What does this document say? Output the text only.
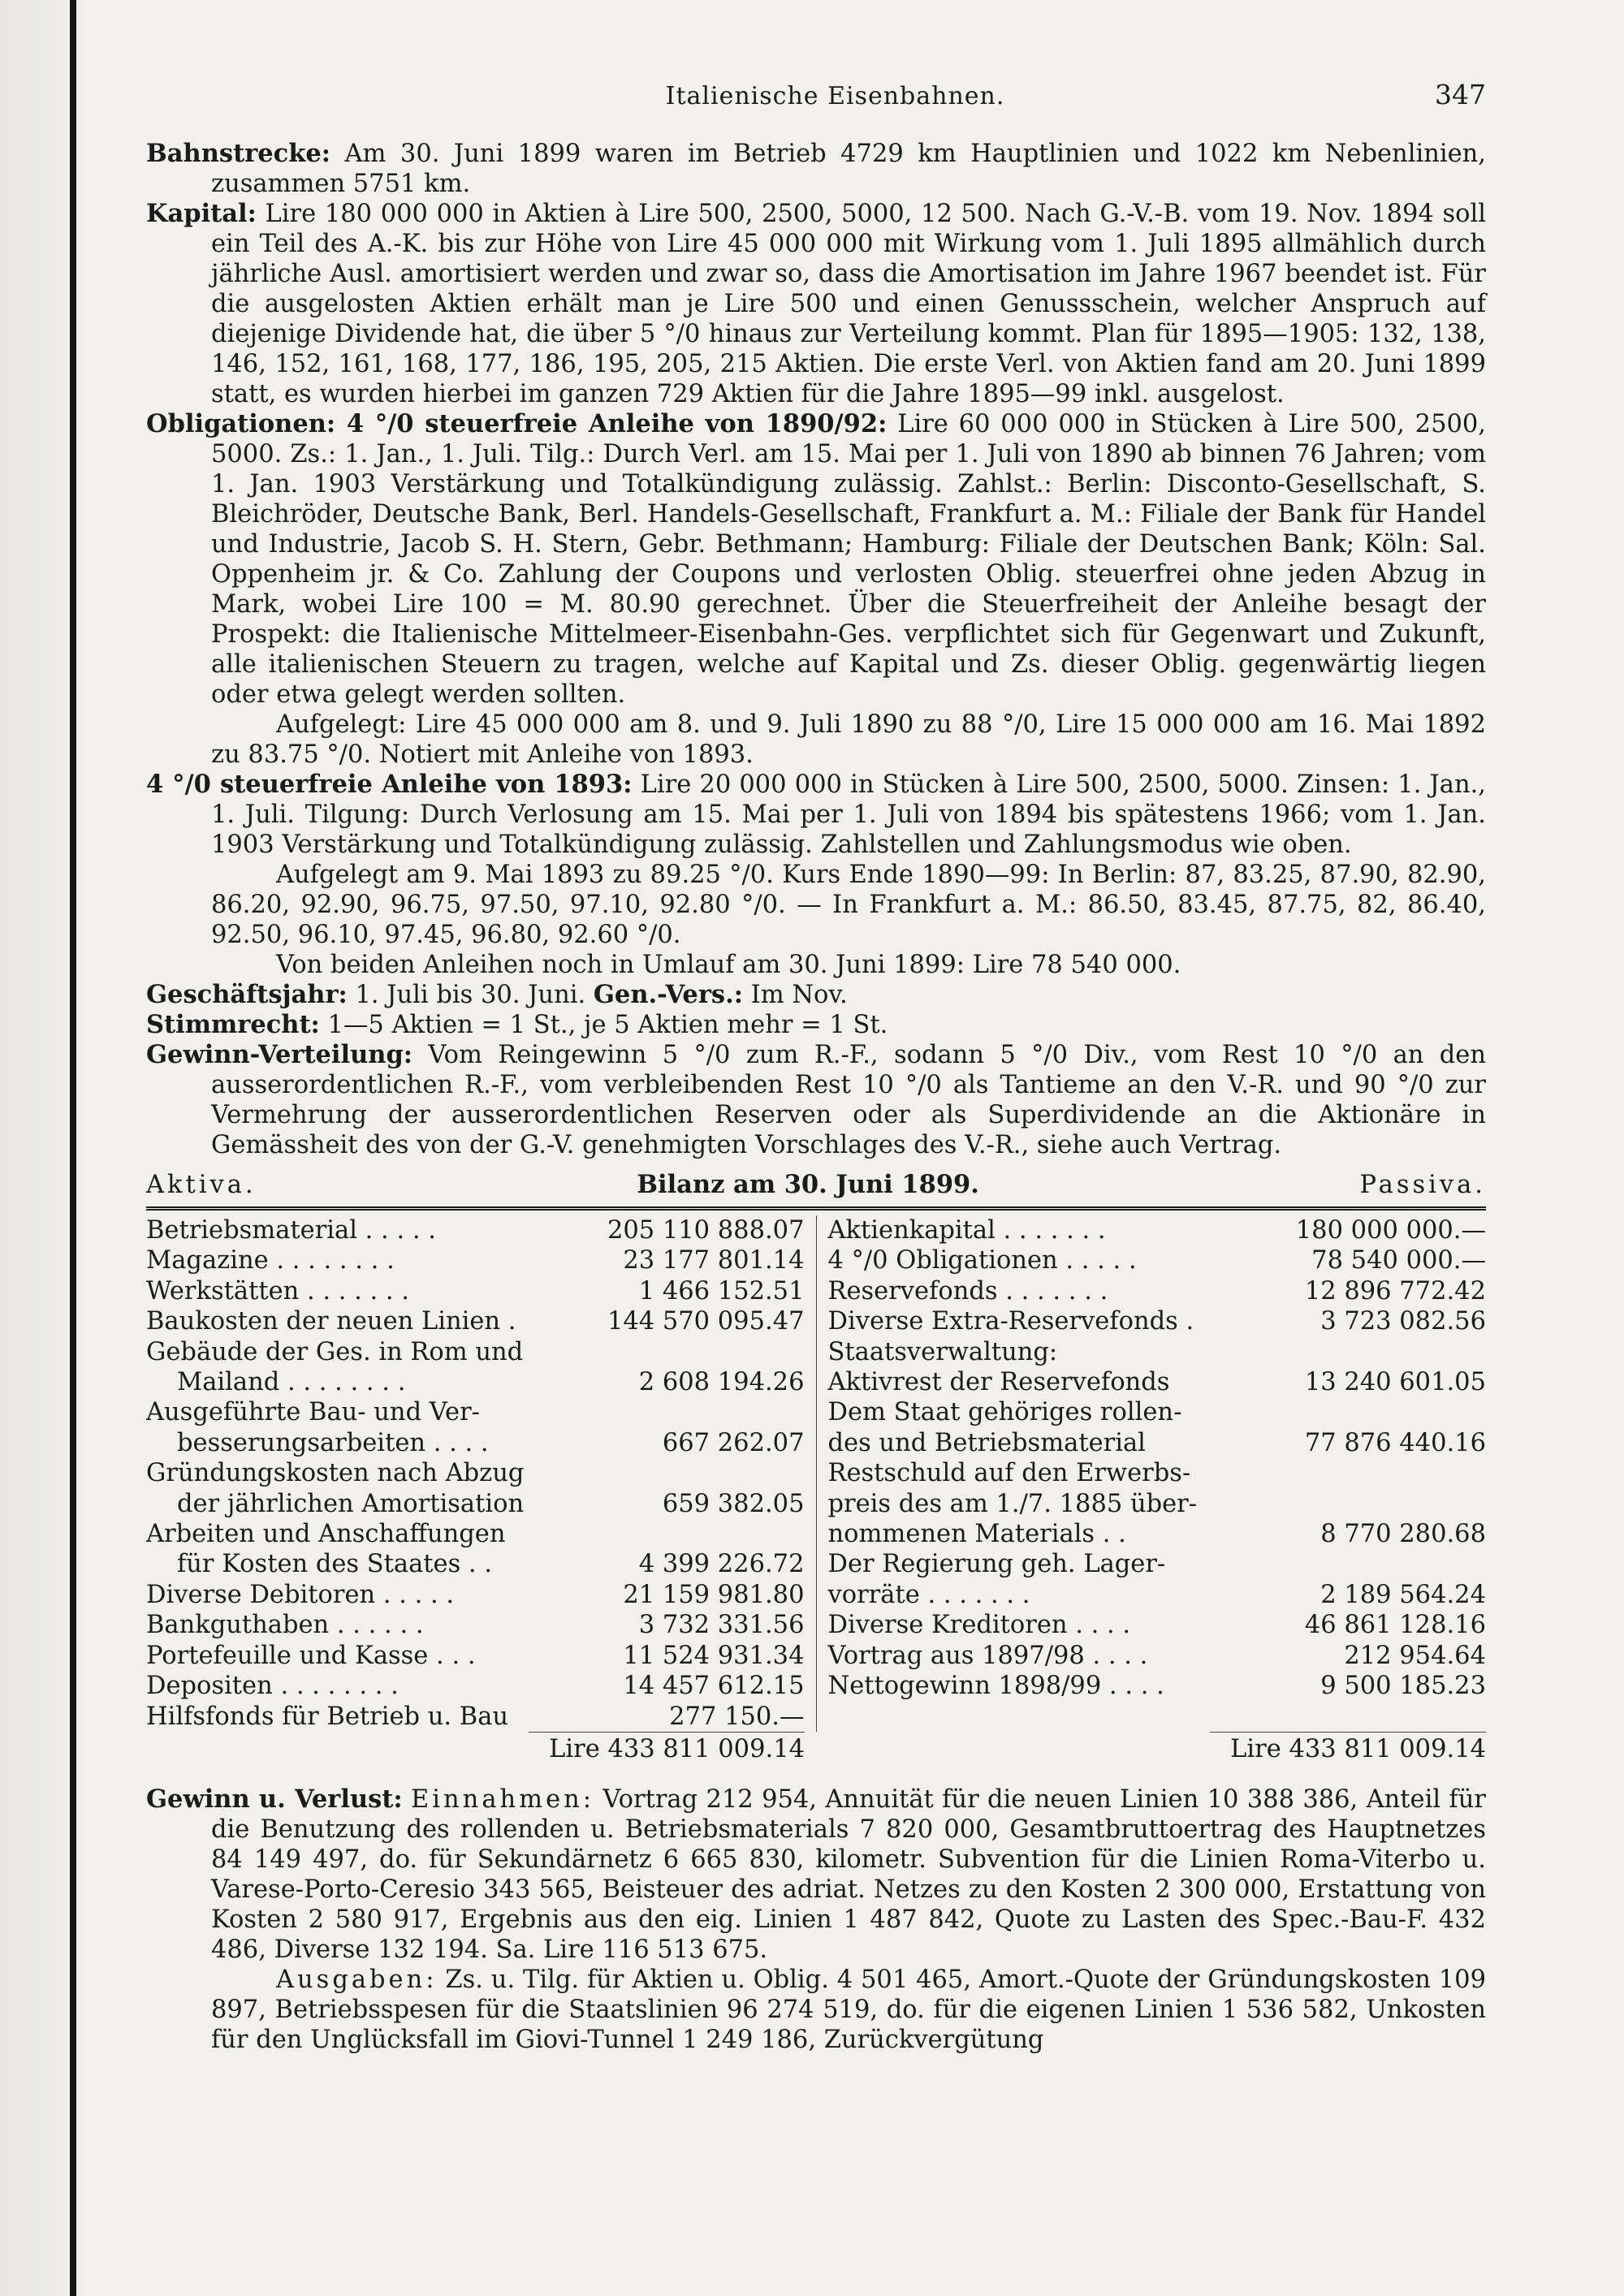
Italienische Eisenbahnen.	347

Bahnstrecke: Am 30. Juni 1899 waren im Betrieb 4729 km Hauptlinien und 1022 km Nebenlinien, zusammen 5751 km.

Kapital: Lire 180 000 000 in Aktien à Lire 500, 2500, 5000, 12 500. Nach G.-V.-B. vom 19. Nov. 1894 soll ein Teil des A.-K. bis zur Höhe von Lire 45 000 000 mit Wirkung vom 1. Juli 1895 allmählich durch jährliche Ausl. amortisiert werden und zwar so, dass die Amortisation im Jahre 1967 beendet ist. Für die ausgelosten Aktien erhält man je Lire 500 und einen Genussschein, welcher Anspruch auf diejenige Dividende hat, die über 5 °/0 hinaus zur Verteilung kommt. Plan für 1895—1905: 132, 138, 146, 152, 161, 168, 177, 186, 195, 205, 215 Aktien. Die erste Verl. von Aktien fand am 20. Juni 1899 statt, es wurden hierbei im ganzen 729 Aktien für die Jahre 1895—99 inkl. ausgelost.

Obligationen: 4 °/0 steuerfreie Anleihe von 1890/92: Lire 60 000 000 in Stücken à Lire 500, 2500, 5000. Zs.: 1. Jan., 1. Juli. Tilg.: Durch Verl. am 15. Mai per 1. Juli von 1890 ab binnen 76 Jahren; vom 1. Jan. 1903 Verstärkung und Totalkündigung zulässig. Zahlst.: Berlin: Disconto-Gesellschaft, S. Bleichröder, Deutsche Bank, Berl. Handels-Gesellschaft, Frankfurt a. M.: Filiale der Bank für Handel und Industrie, Jacob S. H. Stern, Gebr. Bethmann; Hamburg: Filiale der Deutschen Bank; Köln: Sal. Oppenheim jr. & Co. Zahlung der Coupons und verlosten Oblig. steuerfrei ohne jeden Abzug in Mark, wobei Lire 100 = M. 80.90 gerechnet. Über die Steuerfreiheit der Anleihe besagt der Prospekt: die Italienische Mittelmeer-Eisenbahn-Ges. verpflichtet sich für Gegenwart und Zukunft, alle italienischen Steuern zu tragen, welche auf Kapital und Zs. dieser Oblig. gegenwärtig liegen oder etwa gelegt werden sollten.

Aufgelegt: Lire 45 000 000 am 8. und 9. Juli 1890 zu 88 °/0, Lire 15 000 000 am 16. Mai 1892 zu 83.75 °/0. Notiert mit Anleihe von 1893.

4 °/0 steuerfreie Anleihe von 1893: Lire 20 000 000 in Stücken à Lire 500, 2500, 5000. Zinsen: 1. Jan., 1. Juli. Tilgung: Durch Verlosung am 15. Mai per 1. Juli von 1894 bis spätestens 1966; vom 1. Jan. 1903 Verstärkung und Totalkündigung zulässig. Zahlstellen und Zahlungsmodus wie oben.

Aufgelegt am 9. Mai 1893 zu 89.25 °/0. Kurs Ende 1890—99: In Berlin: 87, 83.25, 87.90, 82.90, 86.20, 92.90, 96.75, 97.50, 97.10, 92.80 °/0. — In Frankfurt a. M.: 86.50, 83.45, 87.75, 82, 86.40, 92.50, 96.10, 97.45, 96.80, 92.60 °/0.

Von beiden Anleihen noch in Umlauf am 30. Juni 1899: Lire 78 540 000.

Geschäftsjahr: 1. Juli bis 30. Juni. Gen.-Vers.: Im Nov.

Stimmrecht: 1—5 Aktien = 1 St., je 5 Aktien mehr = 1 St.

Gewinn-Verteilung: Vom Reingewinn 5 °/0 zum R.-F., sodann 5 °/0 Div., vom Rest 10 °/0 an den ausserordentlichen R.-F., vom verbleibenden Rest 10 °/0 als Tantieme an den V.-R. und 90 °/0 zur Vermehrung der ausserordentlichen Reserven oder als Superdividende an die Aktionäre in Gemässheit des von der G.-V. genehmigten Vorschlages des V.-R., siehe auch Vertrag.

Aktiva.	Bilanz am 30. Juni 1899.	Passiva.
Betriebsmaterial . . . . .	205 110 888.07
Magazine . . . . . . . .	23 177 801.14
Werkstätten . . . . . . .	1 466 152.51
Baukosten der neuen Linien .	144 570 095.47
Gebäude der Ges. in Rom und
Mailand . . . . . . . .	2 608 194.26
Ausgeführte Bau- und Ver-
besserungsarbeiten . . . .	667 262.07
Gründungskosten nach Abzug
der jährlichen Amortisation	659 382.05
Arbeiten und Anschaffungen
für Kosten des Staates . .	4 399 226.72
Diverse Debitoren . . . . .	21 159 981.80
Bankguthaben . . . . . .	3 732 331.56
Portefeuille und Kasse . . .	11 524 931.34
Depositen . . . . . . . .	14 457 612.15
Hilfsfonds für Betrieb u. Bau	277 150.—
Aktienkapital . . . . . . .	180 000 000.—
4 °/0 Obligationen . . . . .	78 540 000.—
Reservefonds . . . . . . .	12 896 772.42
Diverse Extra-Reservefonds .	3 723 082.56
Staatsverwaltung:
Aktivrest der Reservefonds	13 240 601.05
Dem Staat gehöriges rollen-
des und Betriebsmaterial	77 876 440.16
Restschuld auf den Erwerbs-
preis des am 1./7. 1885 über-
nommenen Materials . .	8 770 280.68
Der Regierung geh. Lager-
vorräte . . . . . . .	2 189 564.24
Diverse Kreditoren . . . .	46 861 128.16
Vortrag aus 1897/98 . . . .	212 954.64
Nettogewinn 1898/99 . . . .	9 500 185.23
Lire 433 811 009.14	Lire 433 811 009.14

Gewinn u. Verlust: Einnahmen: Vortrag 212 954, Annuität für die neuen Linien 10 388 386, Anteil für die Benutzung des rollenden u. Betriebsmaterials 7 820 000, Gesamtbruttoertrag des Hauptnetzes 84 149 497, do. für Sekundärnetz 6 665 830, kilometr. Subvention für die Linien Roma-Viterbo u. Varese-Porto-Ceresio 343 565, Beisteuer des adriat. Netzes zu den Kosten 2 300 000, Erstattung von Kosten 2 580 917, Ergebnis aus den eig. Linien 1 487 842, Quote zu Lasten des Spec.-Bau-F. 432 486, Diverse 132 194. Sa. Lire 116 513 675.

Ausgaben: Zs. u. Tilg. für Aktien u. Oblig. 4 501 465, Amort.-Quote der Gründungskosten 109 897, Betriebsspesen für die Staatslinien 96 274 519, do. für die eigenen Linien 1 536 582, Unkosten für den Unglücksfall im Giovi-Tunnel 1 249 186, Zurückvergütung
